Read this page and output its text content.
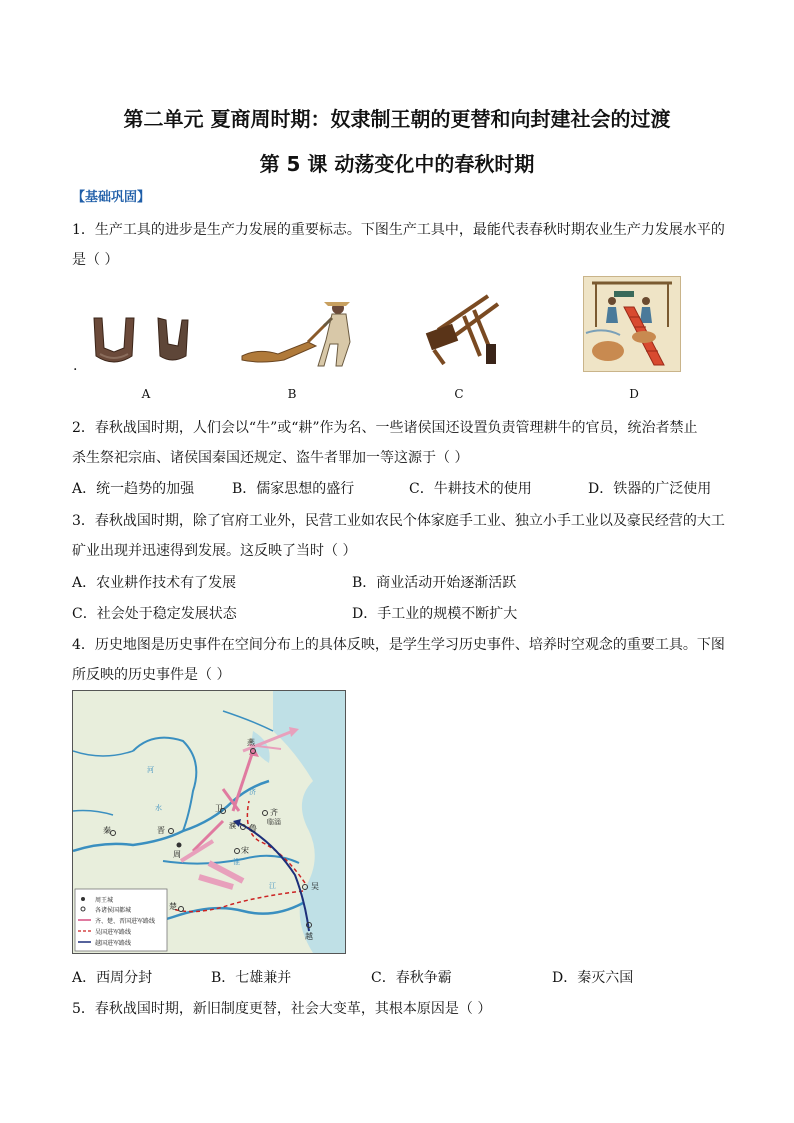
第二单元 夏商周时期：奴隶制王朝的更替和向封建社会的过渡
第 5 课 动荡变化中的春秋时期
【基础巩固】
1．生产工具的进步是生产力发展的重要标志。下图生产工具中，最能代表春秋时期农业生产力发展水平的
是（ ）
.
A	B	C	D
2．春秋战国时期，人们会以“牛”或“耕”作为名、一些诸侯国还设置负责管理耕牛的官员，统治者禁止
杀生祭祀宗庙、诸侯国秦国还规定、盗牛者罪加一等这源于（ ）
A．统一趋势的加强	B．儒家思想的盛行	C．牛耕技术的使用	D．铁器的广泛使用
3．春秋战国时期，除了官府工业外，民营工业如农民个体家庭手工业、独立小手工业以及豪民经营的大工
矿业出现并迅速得到发展。这反映了当时（ ）
A．农业耕作技术有了发展	B．商业活动开始逐渐活跃
C．社会处于稳定发展状态	D．手工业的规模不断扩大
4．历史地图是历史事件在空间分布上的具体反映，是学生学习历史事件、培养时空观念的重要工具。下图
所反映的历史事件是（ ）
燕
齐
临淄
卫
晋	鲁
秦
周	宋
楚
吴
越
濮
河
水
济
江
淮
周王城
各诸侯国都城
齐、楚、晋国进军路线
吴国进军路线
越国进军路线
A．西周分封	B．七雄兼并	C．春秋争霸	D．秦灭六国
5．春秋战国时期，新旧制度更替，社会大变革，其根本原因是（ ）
